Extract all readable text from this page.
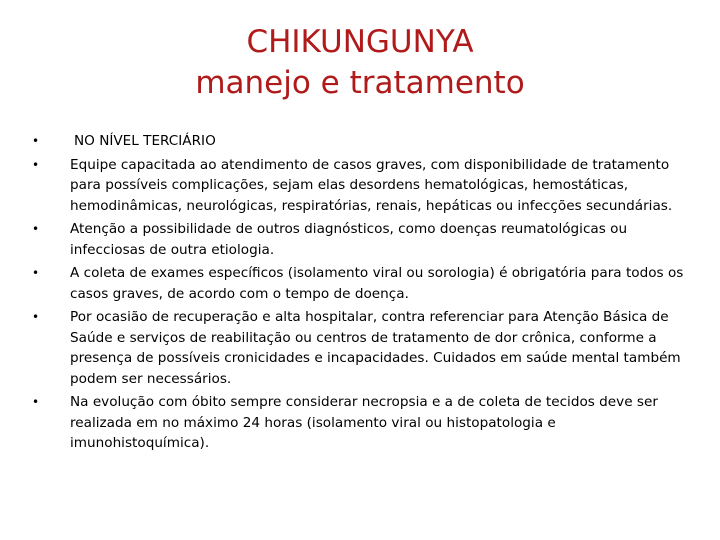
CHIKUNGUNYA
manejo e tratamento
•	NO NÍVEL TERCIÁRIO
• Equipe capacitada ao atendimento de casos graves, com disponibilidade de tratamento para possíveis complicações, sejam elas desordens hematológicas, hemostáticas, hemodinâmicas, neurológicas, respiratórias, renais, hepáticas ou infecções secundárias.
• Atenção a possibilidade de outros diagnósticos, como doenças reumatológicas ou infecciosas de outra etiologia.
• A coleta de exames específicos (isolamento viral ou sorologia) é obrigatória para todos os casos graves, de acordo com o tempo de doença.
• Por ocasião de recuperação e alta hospitalar, contra referenciar para Atenção Básica de Saúde e serviços de reabilitação ou centros de tratamento de dor crônica, conforme a presença de possíveis cronicidades e incapacidades. Cuidados em saúde mental também podem ser necessários.
• Na evolução com óbito sempre considerar necropsia e a de coleta de tecidos deve ser realizada em no máximo 24 horas (isolamento viral ou histopatologia e imunohistoquímica).
